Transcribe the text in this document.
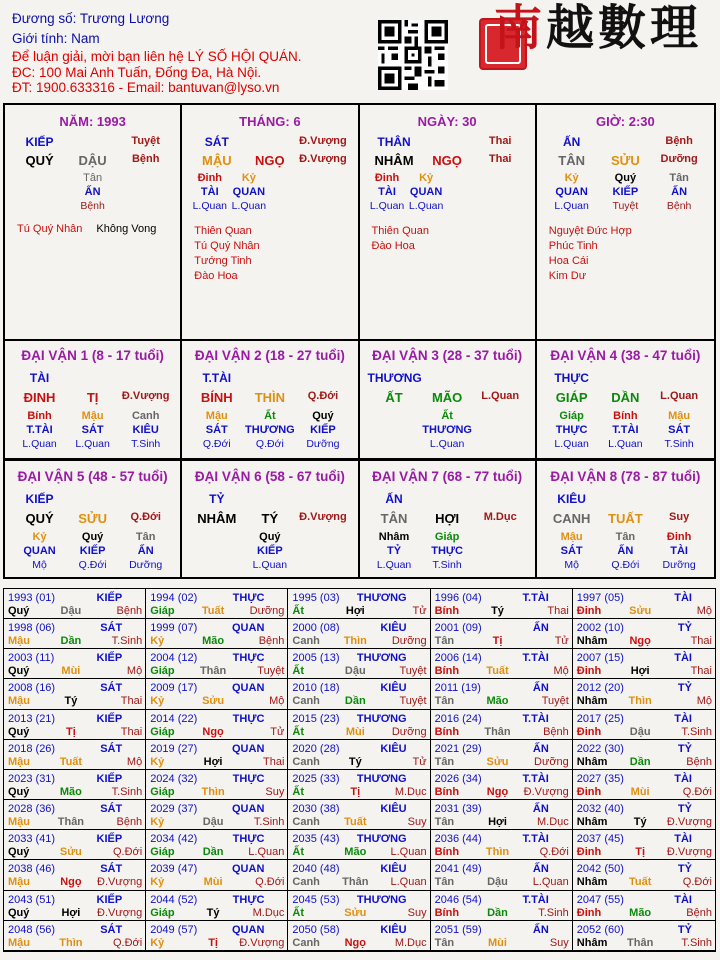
Đương số: Trương Lương
Giới tính: Nam
Để luận giải, mời bạn liên hệ LÝ SỐ HỘI QUÁN.
ĐC: 100 Mai Anh Tuấn, Đống Đa, Hà Nội.
ĐT: 1900.633316 - Email: bantuvan@lyso.vn
南越數理
NĂM: 1993
KIẾP	Tuyệt
QUÝ	DẬU	Bệnh
Tân
ẤN
Bệnh
Tú Quý Nhân Không Vong
THÁNG: 6
SÁT	Đ.Vượng
MẬU	NGỌ	Đ.Vượng
Đinh	Kỷ
TÀI	QUAN
L.Quan L.Quan
Thiên Quan
Tú Quý Nhân
Tướng Tinh
Đào Hoa
NGÀY: 30
THÂN	Thai
NHÂM	NGỌ	Thai
Đinh	Kỷ
TÀI	QUAN
L.Quan L.Quan
Thiên Quan
Đào Hoa
GIỜ: 2:30
ẤN	Bệnh
TÂN	SỬU	Dưỡng
Kỷ	Quý	Tân
QUAN	KIẾP	ẤN
L.Quan	Tuyệt	Bệnh
Nguyệt Đức Hợp
Phúc Tinh
Hoa Cái
Kim Dư
ĐẠI VẬN 1 (8 - 17 tuổi)
TÀI
ĐINH	TỊ	Đ.Vượng
Bính	Mậu	Canh
T.TÀI	SÁT	KIÊU
L.Quan	L.Quan	T.Sinh
ĐẠI VẬN 2 (18 - 27 tuổi)
T.TÀI
BÍNH	THÌN	Q.Đới
Mậu	Ất	Quý
SÁT	THƯƠNG	KIẾP
Q.Đới	Q.Đới	Dưỡng
ĐẠI VẬN 3 (28 - 37 tuổi)
THƯƠNG
ẤT	MÃO	L.Quan
Ất
THƯƠNG
L.Quan
ĐẠI VẬN 4 (38 - 47 tuổi)
THỰC
GIÁP	DẦN	L.Quan
Giáp	Bính	Mậu
THỰC	T.TÀI	SÁT
L.Quan	L.Quan	T.Sinh
ĐẠI VẬN 5 (48 - 57 tuổi)
KIẾP
QUÝ	SỬU	Q.Đới
Kỷ	Quý	Tân
QUAN	KIẾP	ẤN
Mộ	Q.Đới	Dưỡng
ĐẠI VẬN 6 (58 - 67 tuổi)
TỶ
NHÂM	TÝ	Đ.Vượng
Quý
KIẾP
L.Quan
ĐẠI VẬN 7 (68 - 77 tuổi)
ẤN
TÂN	HỢI	M.Dục
Nhâm	Giáp
TỶ	THỰC
L.Quan	T.Sinh
ĐẠI VẬN 8 (78 - 87 tuổi)
KIÊU
CANH	TUẤT	Suy
Mậu	Tân	Đinh
SÁT	ẤN	TÀI
Mộ	Q.Đới	Dưỡng
1993 (01)	KIẾP
Quý	Dậu	Bệnh
1994 (02)	THỰC
Giáp	Tuất	Dưỡng
1995 (03) THƯƠNG
Ất	Hợi	Tử
1996 (04)	T.TÀI
Bính	Tý	Thai
1997 (05)	TÀI
Đinh	Sửu	Mộ
1998 (06)	SÁT
Mậu	Dần	T.Sinh
1999 (07)	QUAN
Kỷ	Mão	Bệnh
2000 (08)	KIÊU
Canh	Thìn	Dưỡng
2001 (09)	ẤN
Tân	Tị	Tử
2002 (10)	TỶ
Nhâm	Ngọ	Thai
2003 (11)	KIẾP
Quý	Mùi	Mộ
2004 (12)	THỰC
Giáp	Thân	Tuyệt
2005 (13) THƯƠNG
Ất	Dậu	Tuyệt
2006 (14)	T.TÀI
Bính	Tuất	Mộ
2007 (15)	TÀI
Đinh	Hợi	Thai
2008 (16)	SÁT
Mậu	Tý	Thai
2009 (17)	QUAN
Kỷ	Sửu	Mộ
2010 (18)	KIÊU
Canh	Dần	Tuyệt
2011 (19)	ẤN
Tân	Mão	Tuyệt
2012 (20)	TỶ
Nhâm	Thìn	Mộ
2013 (21)	KIẾP
Quý	Tị	Thai
2014 (22)	THỰC
Giáp	Ngọ	Tử
2015 (23) THƯƠNG
Ất	Mùi	Dưỡng
2016 (24)	T.TÀI
Bính	Thân	Bệnh
2017 (25)	TÀI
Đinh	Dậu	T.Sinh
2018 (26)	SÁT
Mậu	Tuất	Mộ
2019 (27)	QUAN
Kỷ	Hợi	Thai
2020 (28)	KIÊU
Canh	Tý	Tử
2021 (29)	ẤN
Tân	Sửu	Dưỡng
2022 (30)	TỶ
Nhâm	Dần	Bệnh
2023 (31)	KIẾP
Quý	Mão	T.Sinh
2024 (32)	THỰC
Giáp	Thìn	Suy
2025 (33) THƯƠNG
Ất	Tị	M.Dục
2026 (34)	T.TÀI
Bính	Ngọ	Đ.Vượng
2027 (35)	TÀI
Đinh	Mùi	Q.Đới
2028 (36)	SÁT
Mậu	Thân	Bệnh
2029 (37)	QUAN
Kỷ	Dậu	T.Sinh
2030 (38)	KIÊU
Canh	Tuất	Suy
2031 (39)	ẤN
Tân	Hợi	M.Dục
2032 (40)	TỶ
Nhâm	Tý	Đ.Vượng
2033 (41)	KIẾP
Quý	Sửu	Q.Đới
2034 (42)	THỰC
Giáp	Dần	L.Quan
2035 (43) THƯƠNG
Ất	Mão	L.Quan
2036 (44)	T.TÀI
Bính	Thìn	Q.Đới
2037 (45)	TÀI
Đinh	Tị	Đ.Vượng
2038 (46)	SÁT
Mậu	Ngọ	Đ.Vượng
2039 (47)	QUAN
Kỷ	Mùi	Q.Đới
2040 (48)	KIÊU
Canh	Thân	L.Quan
2041 (49)	ẤN
Tân	Dậu	L.Quan
2042 (50)	TỶ
Nhâm	Tuất	Q.Đới
2043 (51)	KIẾP
Quý	Hợi	Đ.Vượng
2044 (52)	THỰC
Giáp	Tý	M.Dục
2045 (53) THƯƠNG
Ất	Sửu	Suy
2046 (54)	T.TÀI
Bính	Dần	T.Sinh
2047 (55)	TÀI
Đinh	Mão	Bệnh
2048 (56)	SÁT
Mậu	Thìn	Q.Đới
2049 (57)	QUAN
Kỷ	Tị	Đ.Vượng
2050 (58)	KIÊU
Canh	Ngọ	M.Dục
2051 (59)	ẤN
Tân	Mùi	Suy
2052 (60)	TỶ
Nhâm	Thân	T.Sinh
